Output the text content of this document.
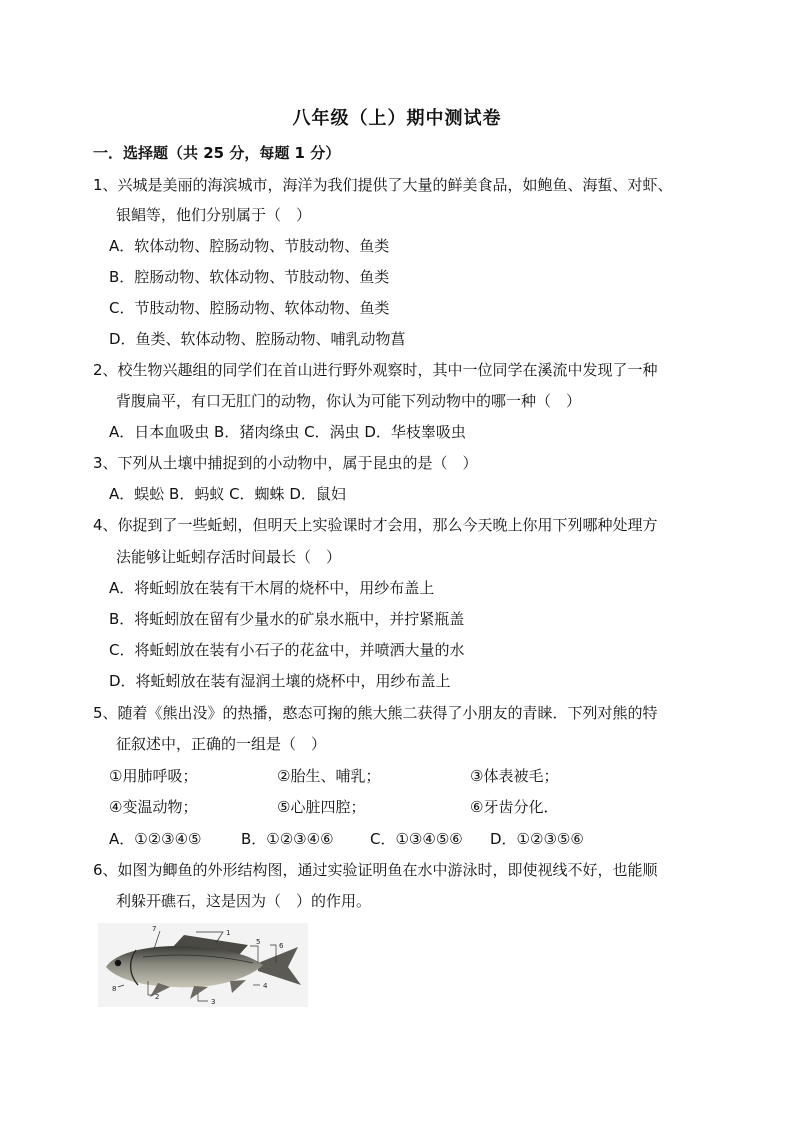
八年级（上）期中测试卷
一．选择题（共 25 分，每题 1 分）
1、兴城是美丽的海滨城市，海洋为我们提供了大量的鲜美食品，如鲍鱼、海蜇、对虾、
银鲳等，他们分别属于（　）
A．软体动物、腔肠动物、节肢动物、鱼类
B．腔肠动物、软体动物、节肢动物、鱼类
C．节肢动物、腔肠动物、软体动物、鱼类
D．鱼类、软体动物、腔肠动物、哺乳动物菖
2、校生物兴趣组的同学们在首山进行野外观察时，其中一位同学在溪流中发现了一种
背腹扁平，有口无肛门的动物，你认为可能下列动物中的哪一种（　）
A．日本血吸虫 B．猪肉绦虫 C．涡虫 D．华枝睾吸虫
3、下列从土壤中捕捉到的小动物中，属于昆虫的是（　）
A．蜈蚣 B．蚂蚁 C．蜘蛛 D．鼠妇
4、你捉到了一些蚯蚓，但明天上实验课时才会用，那么今天晚上你用下列哪种处理方
法能够让蚯蚓存活时间最长（　）
A．将蚯蚓放在装有干木屑的烧杯中，用纱布盖上
B．将蚯蚓放在留有少量水的矿泉水瓶中，并拧紧瓶盖
C．将蚯蚓放在装有小石子的花盆中，并喷洒大量的水
D．将蚯蚓放在装有湿润土壤的烧杯中，用纱布盖上
5、随着《熊出没》的热播，憨态可掬的熊大熊二获得了小朋友的青睐．下列对熊的特
征叙述中，正确的一组是（　）
①用肺呼吸；	②胎生、哺乳；	③体表被毛；
④变温动物；	⑤心脏四腔；	⑥牙齿分化．
A．①②③④⑤	B．①②③④⑥ C．①③④⑤⑥ D．①②③⑤⑥
6、如图为鲫鱼的外形结构图，通过实验证明鱼在水中游泳时，即使视线不好，也能顺
利躲开礁石，这是因为（　）的作用。
1
2
3
4
5	6
7
8
